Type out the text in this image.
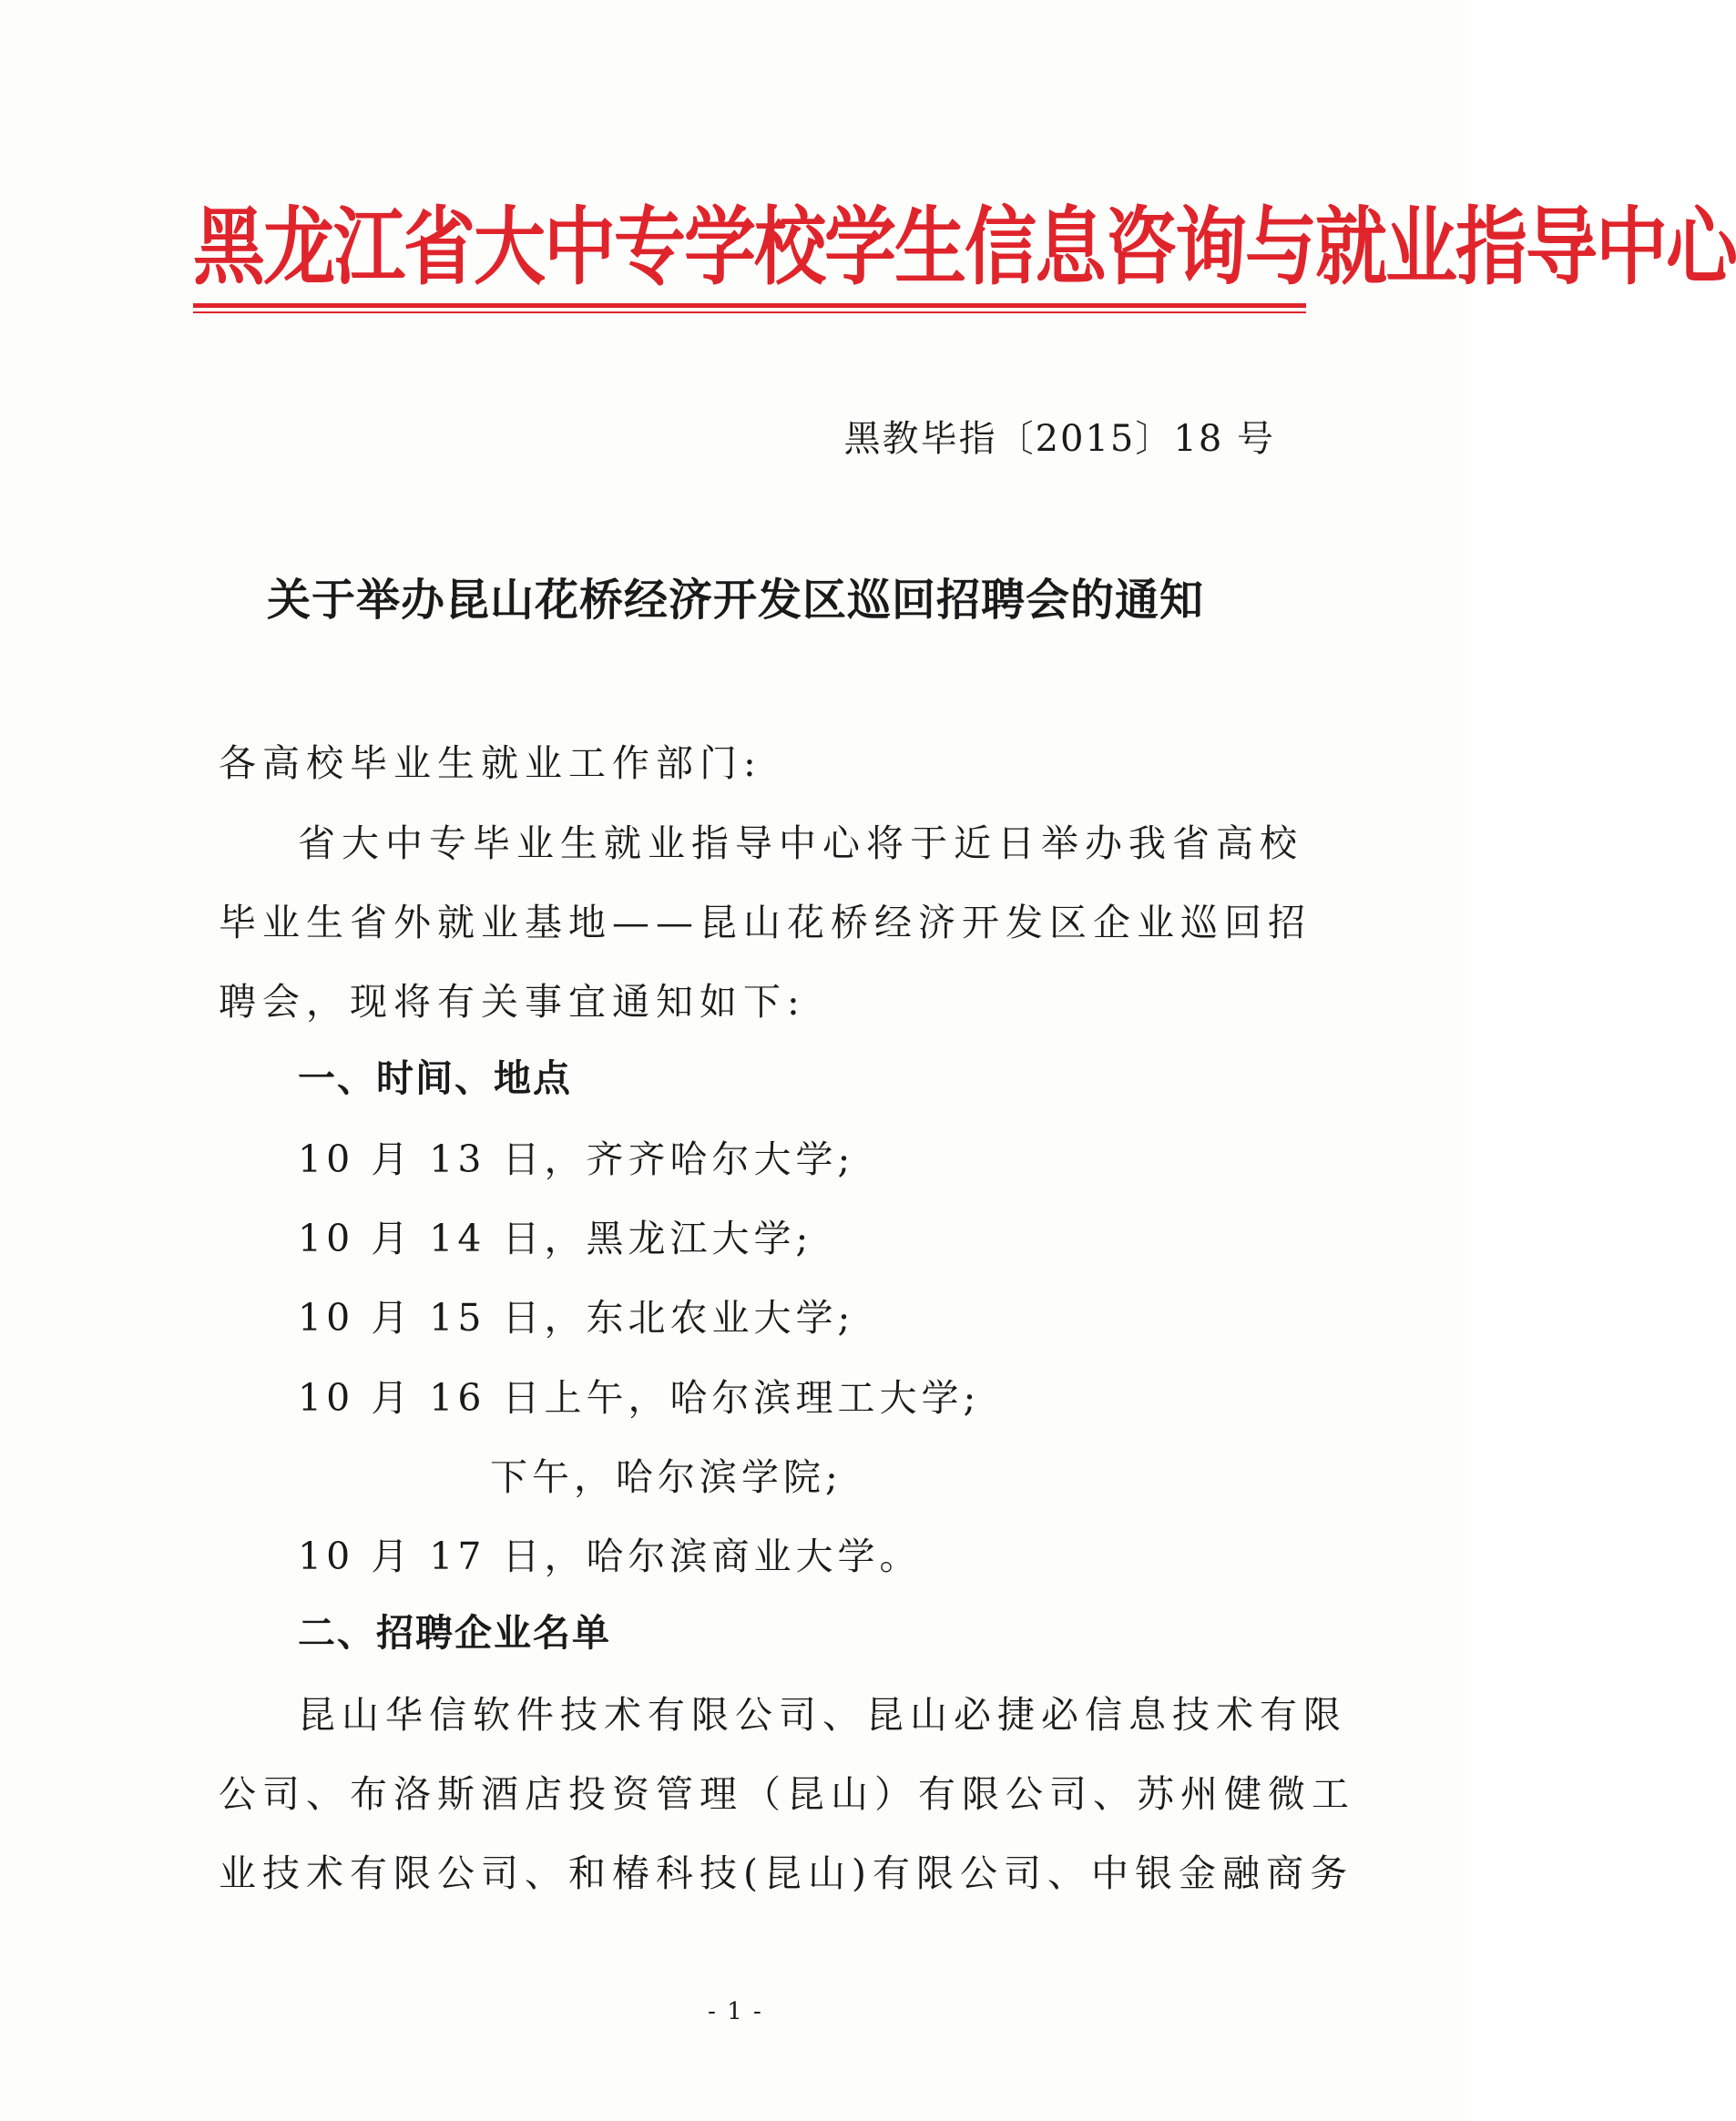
黑龙江省大中专学校学生信息咨询与就业指导中心
黑教毕指〔2015〕18 号
关于举办昆山花桥经济开发区巡回招聘会的通知
各高校毕业生就业工作部门:
省大中专毕业生就业指导中心将于近日举办我省高校
毕业生省外就业基地——昆山花桥经济开发区企业巡回招
聘会，现将有关事宜通知如下:
一、时间、地点
10 月 13 日，齐齐哈尔大学;
10 月 14 日，黑龙江大学;
10 月 15 日，东北农业大学;
10 月 16 日上午，哈尔滨理工大学;
下午，哈尔滨学院;
10 月 17 日，哈尔滨商业大学。
二、招聘企业名单
昆山华信软件技术有限公司、昆山必捷必信息技术有限
公司、布洛斯酒店投资管理（昆山）有限公司、苏州健微工
业技术有限公司、和椿科技(昆山)有限公司、中银金融商务
- 1 -
